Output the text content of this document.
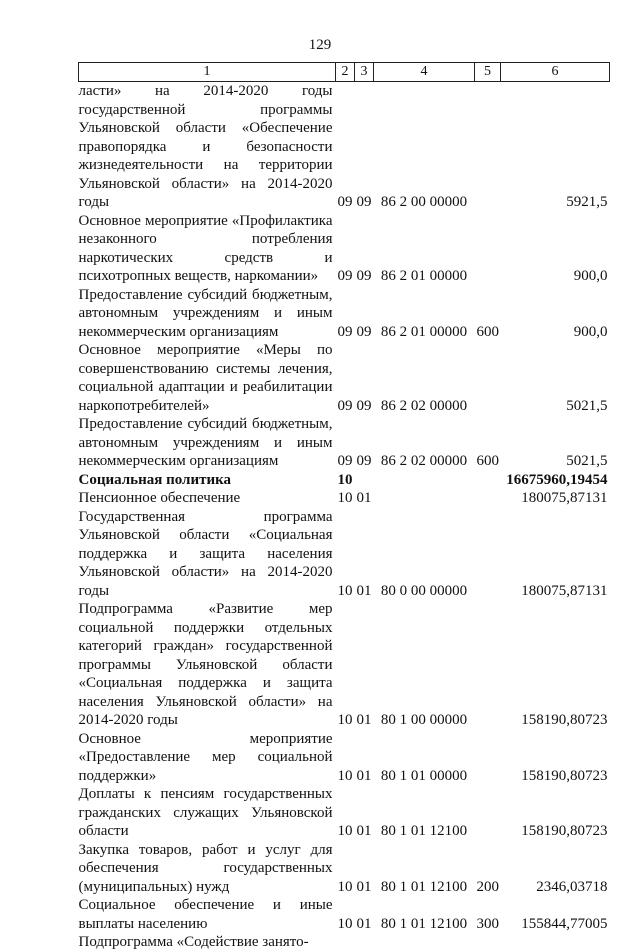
129
1	2	3	4	5	6
ласти» на 2014-2020 годы государственной программы Ульяновской области «Обеспечение правопорядка и безопасности жизнедеятельности на территории Ульяновской области» на 2014-2020 годы	09	09	86 2 00 00000		5921,5
Основное мероприятие «Профилактика незаконного потребления наркотических средств и психотропных веществ, наркомании»	09	09	86 2 01 00000		900,0
Предоставление субсидий бюджетным, автономным учреждениям и иным некоммерческим организациям	09	09	86 2 01 00000	600	900,0
Основное мероприятие «Меры по совершенствованию системы лечения, социальной адаптации и реабилитации наркопотребителей»	09	09	86 2 02 00000		5021,5
Предоставление субсидий бюджетным, автономным учреждениям и иным некоммерческим организациям	09	09	86 2 02 00000	600	5021,5
Социальная политика	10				16675960,19454
Пенсионное обеспечение	10	01			180075,87131
Государственная программа Ульяновской области «Социальная поддержка и защита населения Ульяновской области» на 2014-2020 годы	10	01	80 0 00 00000		180075,87131
Подпрограмма «Развитие мер социальной поддержки отдельных категорий граждан» государственной программы Ульяновской области «Социальная поддержка и защита населения Ульяновской области» на 2014-2020 годы	10	01	80 1 00 00000		158190,80723
Основное мероприятие «Предоставление мер социальной поддержки»	10	01	80 1 01 00000		158190,80723
Доплаты к пенсиям государственных гражданских служащих Ульяновской области	10	01	80 1 01 12100		158190,80723
Закупка товаров, работ и услуг для обеспечения государственных (муниципальных) нужд	10	01	80 1 01 12100	200	2346,03718
Социальное обеспечение и иные выплаты населению	10	01	80 1 01 12100	300	155844,77005
Подпрограмма «Содействие занято-					
